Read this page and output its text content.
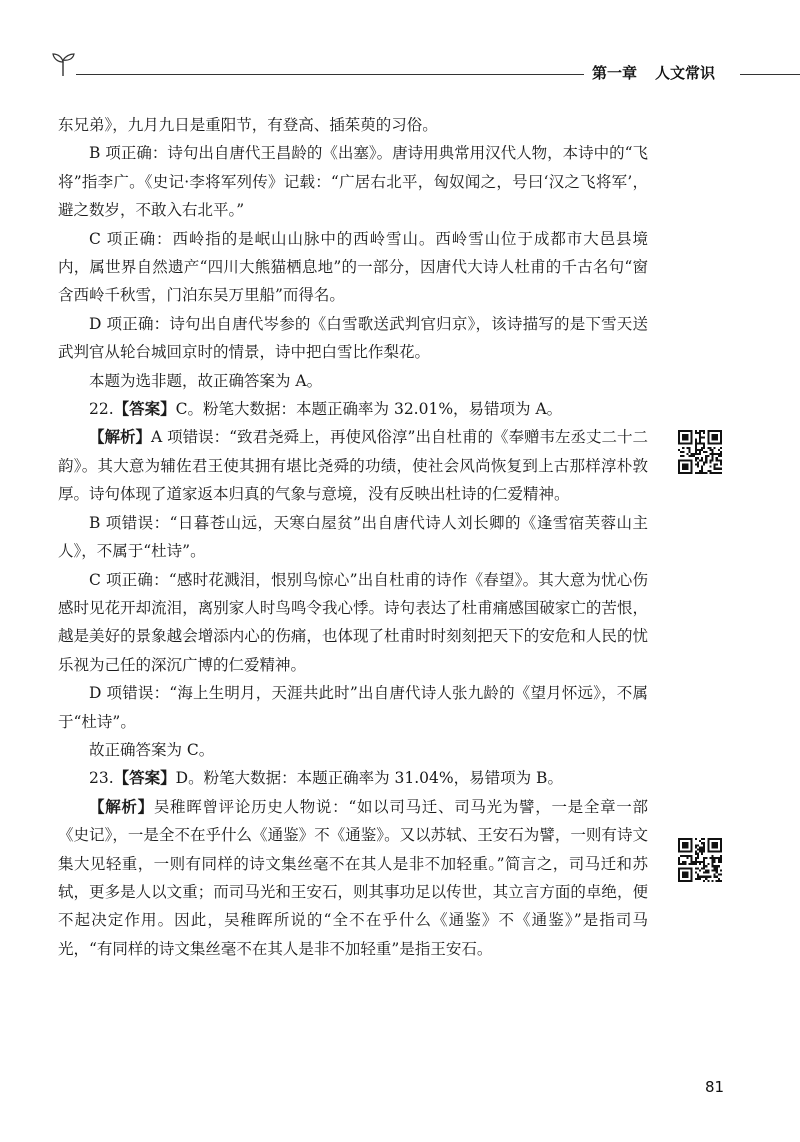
第一章 人文常识

东兄弟》，九月九日是重阳节，有登高、插茱萸的习俗。

B 项正确：诗句出自唐代王昌龄的《出塞》。唐诗用典常用汉代人物，本诗中的“飞将”指李广。《史记·李将军列传》记载：“广居右北平，匈奴闻之，号曰‘汉之飞将军’，避之数岁，不敢入右北平。”

C 项正确：西岭指的是岷山山脉中的西岭雪山。西岭雪山位于成都市大邑县境内，属世界自然遗产“四川大熊猫栖息地”的一部分，因唐代大诗人杜甫的千古名句“窗含西岭千秋雪，门泊东吴万里船”而得名。

D 项正确：诗句出自唐代岑参的《白雪歌送武判官归京》，该诗描写的是下雪天送武判官从轮台城回京时的情景，诗中把白雪比作梨花。

本题为选非题，故正确答案为 A。

22.【答案】C。粉笔大数据：本题正确率为 32.01%，易错项为 A。

【解析】A 项错误：“致君尧舜上，再使风俗淳”出自杜甫的《奉赠韦左丞丈二十二韵》。其大意为辅佐君王使其拥有堪比尧舜的功绩，使社会风尚恢复到上古那样淳朴敦厚。诗句体现了道家返本归真的气象与意境，没有反映出杜诗的仁爱精神。

B 项错误：“日暮苍山远，天寒白屋贫”出自唐代诗人刘长卿的《逢雪宿芙蓉山主人》，不属于“杜诗”。

C 项正确：“感时花溅泪，恨别鸟惊心”出自杜甫的诗作《春望》。其大意为忧心伤感时见花开却流泪，离别家人时鸟鸣令我心悸。诗句表达了杜甫痛感国破家亡的苦恨，越是美好的景象越会增添内心的伤痛，也体现了杜甫时时刻刻把天下的安危和人民的忧乐视为己任的深沉广博的仁爱精神。

D 项错误：“海上生明月，天涯共此时”出自唐代诗人张九龄的《望月怀远》，不属于“杜诗”。

故正确答案为 C。

23.【答案】D。粉笔大数据：本题正确率为 31.04%，易错项为 B。

【解析】吴稚晖曾评论历史人物说：“如以司马迁、司马光为譬，一是全章一部《史记》，一是全不在乎什么《通鉴》不《通鉴》。又以苏轼、王安石为譬，一则有诗文集大见轻重，一则有同样的诗文集丝毫不在其人是非不加轻重。”简言之，司马迁和苏轼，更多是人以文重；而司马光和王安石，则其事功足以传世，其立言方面的卓绝，便不起决定作用。因此，吴稚晖所说的“全不在乎什么《通鉴》不《通鉴》”是指司马光，“有同样的诗文集丝毫不在其人是非不加轻重”是指王安石。

81
